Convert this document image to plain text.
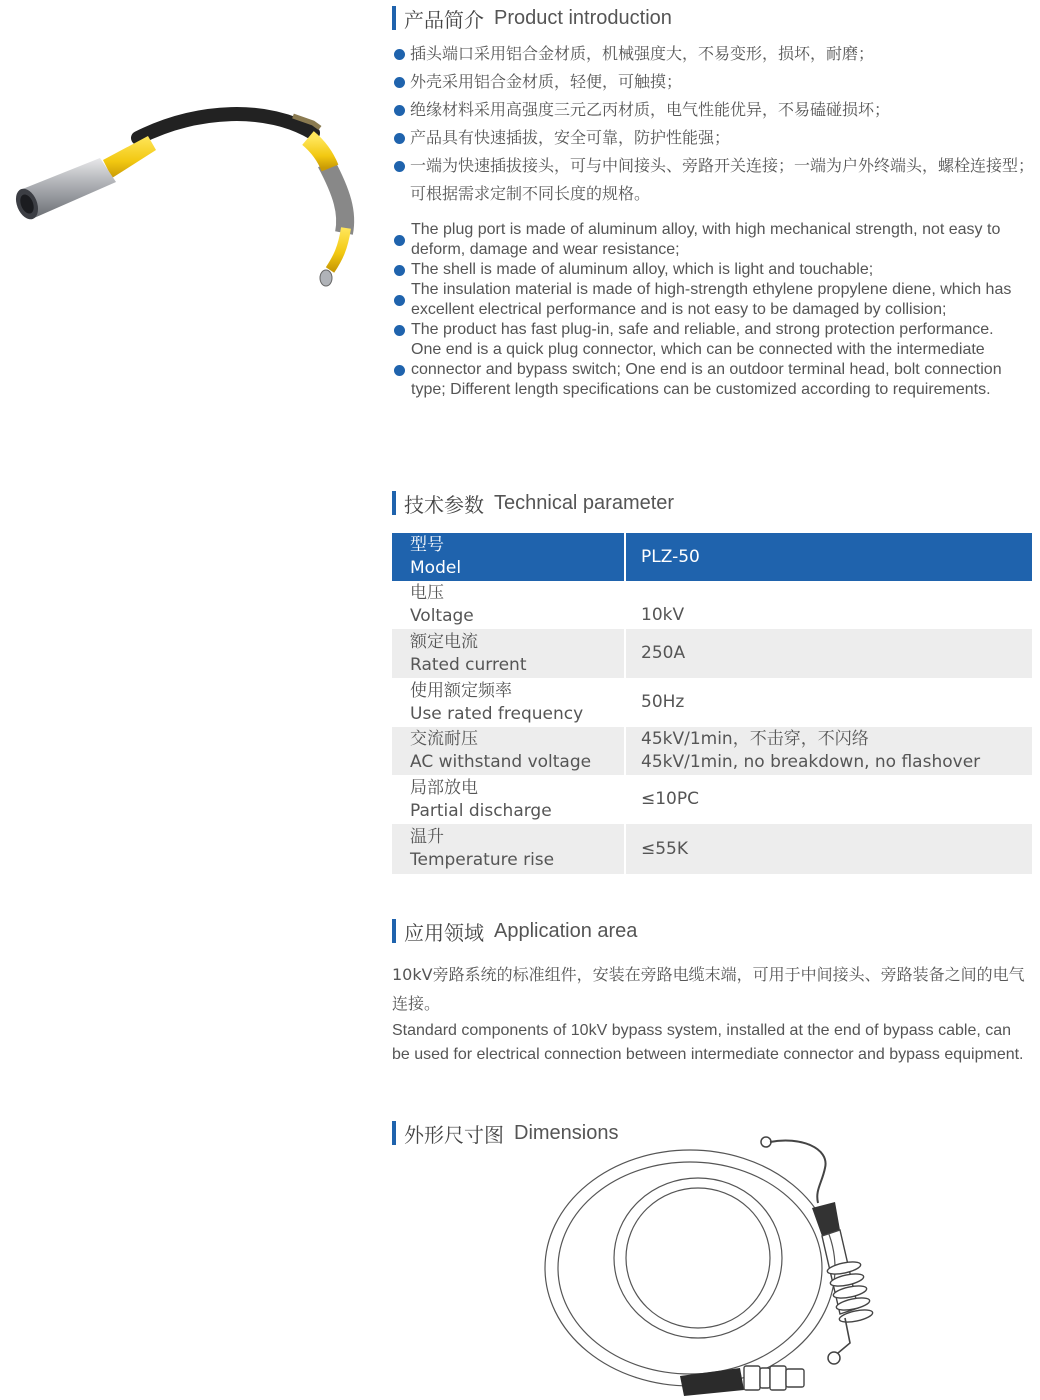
产品简介 Product introduction
插头端口采用铝合金材质，机械强度大，不易变形，损坏，耐磨；
外壳采用铝合金材质，轻便，可触摸；
绝缘材料采用高强度三元乙丙材质，电气性能优异，不易磕碰损坏；
产品具有快速插拔，安全可靠，防护性能强；
一端为快速插拔接头，可与中间接头、旁路开关连接；一端为户外终端头，螺栓连接型；可根据需求定制不同长度的规格。
The plug port is made of aluminum alloy, with high mechanical strength, not easy to deform, damage and wear resistance;
The shell is made of aluminum alloy, which is light and touchable;
The insulation material is made of high-strength ethylene propylene diene, which has excellent electrical performance and is not easy to be damaged by collision;
The product has fast plug-in, safe and reliable, and strong protection performance.
One end is a quick plug connector, which can be connected with the intermediate connector and bypass switch; One end is an outdoor terminal head, bolt connection type; Different length specifications can be customized according to requirements.
技术参数 Technical parameter
型号
Model
PLZ-50
电压
Voltage	10kV
额定电流
Rated current
250A
使用额定频率
Use rated frequency
50Hz
交流耐压
AC withstand voltage
45kV/1min，不击穿，不闪络
45kV/1min, no breakdown, no flashover
局部放电
Partial discharge
≤10PC
温升
Temperature rise
≤55K
应用领域 Application area

10kV旁路系统的标准组件，安装在旁路电缆末端，可用于中间接头、旁路装备之间的电气连接。

Standard components of 10kV bypass system, installed at the end of bypass cable, can be used for electrical connection between intermediate connector and bypass equipment.

外形尺寸图 Dimensions
